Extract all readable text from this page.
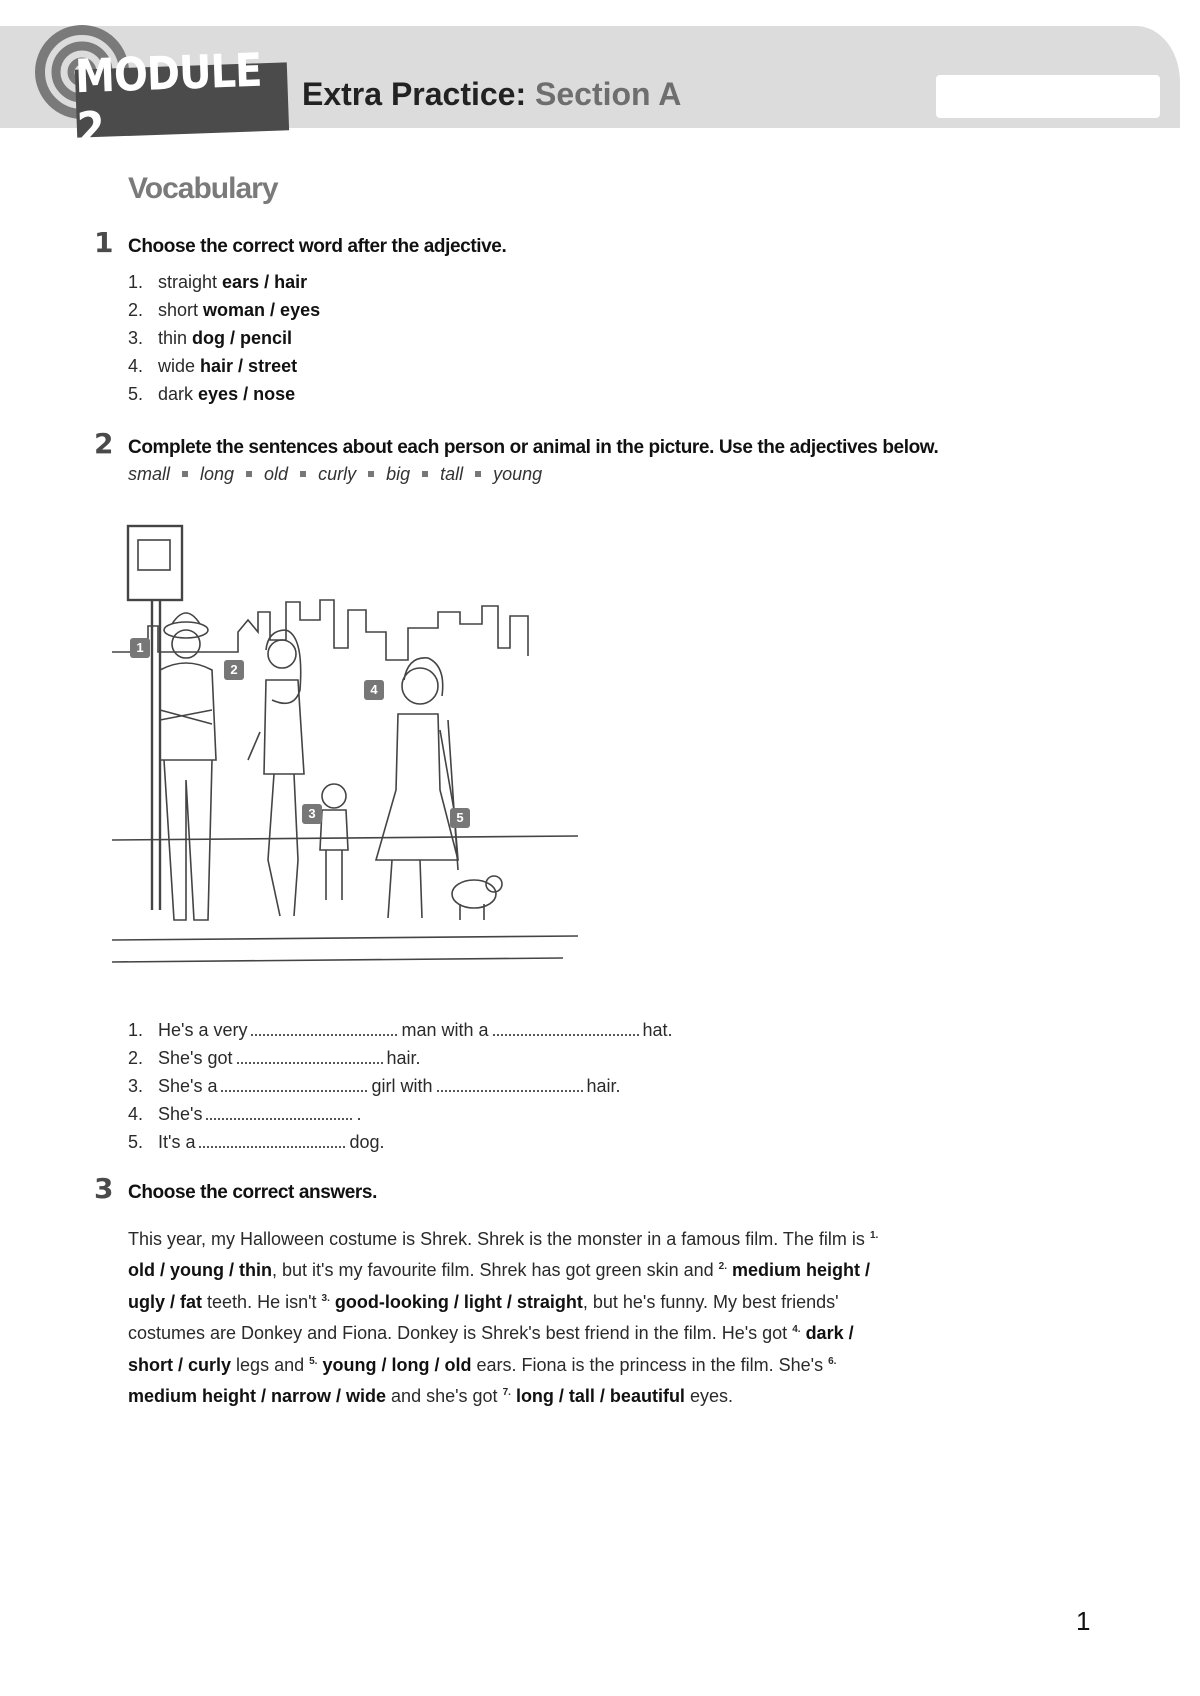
MODULE 2
Extra Practice: Section A
Vocabulary
1 Choose the correct word after the adjective.
1. straight ears / hair
2. short woman / eyes
3. thin dog / pencil
4. wide hair / street
5. dark eyes / nose
2 Complete the sentences about each person or animal in the picture. Use the adjectives below.
small long old curly big tall young
1
2
3
4
5
1. He's a very	man with a	hat.
2. She's got	hair.
3. She's a	girl with	hair.
4. She's	.
5. It's a	dog.
3 Choose the correct answers.
This year, my Halloween costume is Shrek. Shrek is the monster in a famous film. The film is $^{1.}$ old / young / thin, but it's my favourite film. Shrek has got green skin and $^{2.}$ medium height / ugly / fat teeth. He isn't $^{3.}$ good-looking / light / straight, but he's funny. My best friends' costumes are Donkey and Fiona. Donkey is Shrek's best friend in the film. He's got $^{4.}$ dark / short / curly legs and $^{5.}$ young / long / old ears. Fiona is the princess in the film. She's $^{6.}$ medium height / narrow / wide and she's got $^{7.}$ long / tall / beautiful eyes.
1
